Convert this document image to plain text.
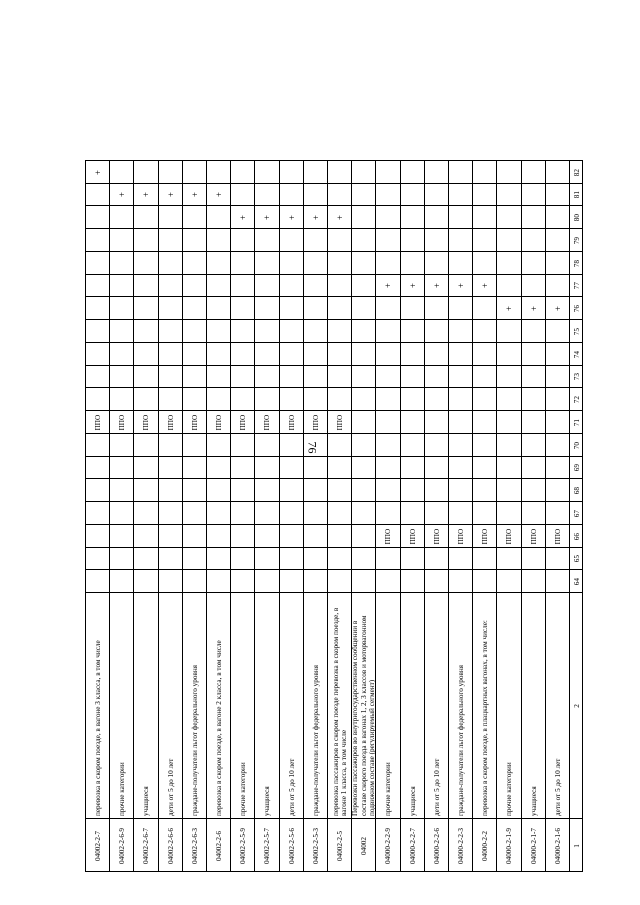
76
1
2
64
65
66
67
68
69
70
71
72
73
74
75
76
77
78
79
80
81
82
04000-2-1-6
дети от 5 до 10 лет
ППО
+
04000-2-1-7
учащиеся
ППО
+
04000-2-1-9
прочие категории
ППО
+
04000-2-2
перевозка в скором поезде, в плацкартных вагонах, в том числе:
ППО
+
04000-2-2-3
граждане-получатели льгот федерального уровня
ППО
+
04000-2-2-6
дети от 5 до 10 лет
ППО
+
04000-2-2-7
учащиеся
ППО
+
04000-2-2-9
прочие категории
ППО
+
04002
Перевозки пассажиров во внутригосударственном сообщении в составе скорого поезда в вагонах 1, 2, 3 классов и моторвагонном подвижном составе (регулируемый сегмент)
04002-2-5
перевозка пассажиров в скором поезде перевозка в скором поезде, в вагоне 1 класса, в том числе
ППО
+
04002-2-5-3
граждане-получатели льгот федерального уровня
ППО
+
04002-2-5-6
дети от 5 до 10 лет
ППО
+
04002-2-5-7
учащиеся
ППО
+
04002-2-5-9
прочие категории
ППО
+
04002-2-6
перевозка в скором поезде, в вагоне 2 класса, в том числе
ППО
+
04002-2-6-3
граждане-получатели льгот федерального уровня
ППО
+
04002-2-6-6
дети от 5 до 10 лет
ППО
+
04002-2-6-7
учащиеся
ППО
+
04002-2-6-9
прочие категории
ППО
+
04002-2-7
перевозка в скором поезде, в вагоне 3 класса, в том числе
ППО
+
